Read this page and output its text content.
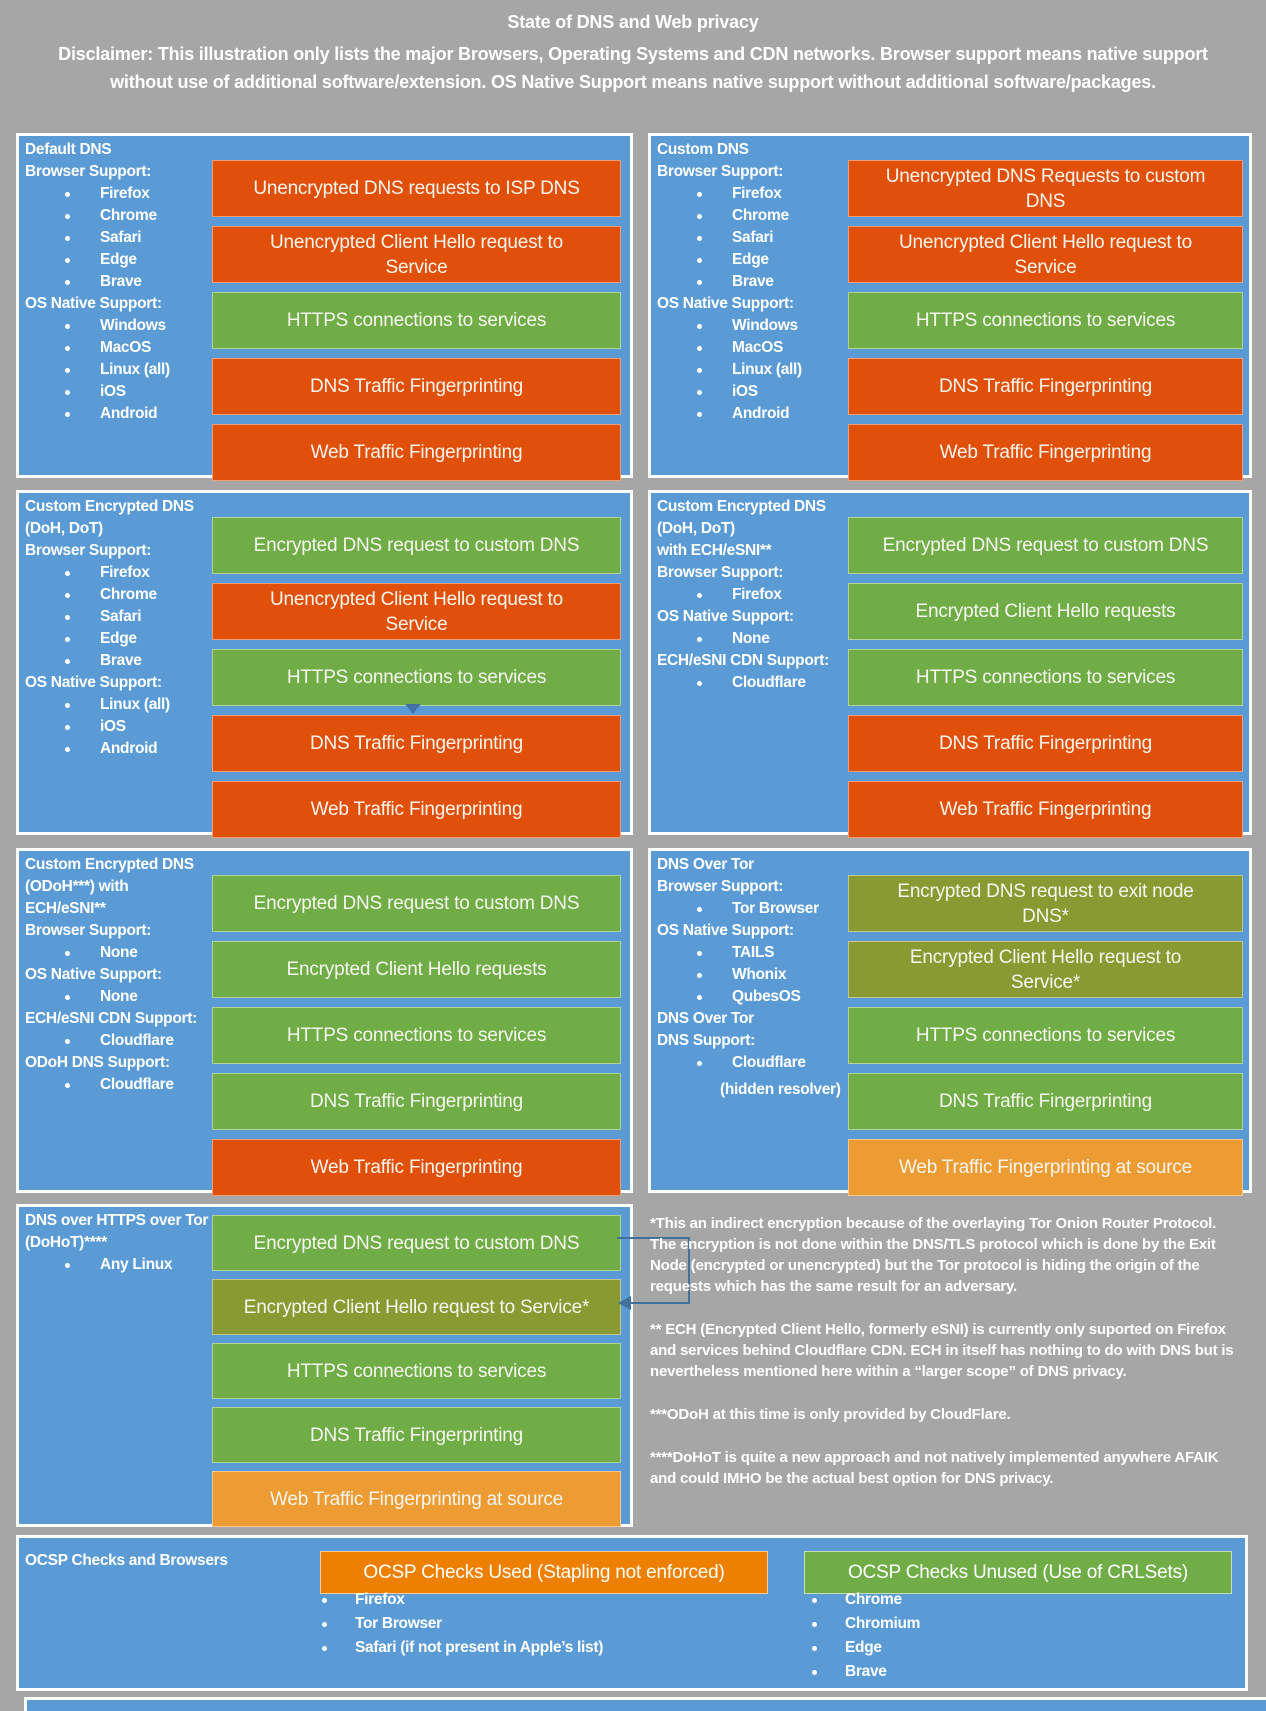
State of DNS and Web privacy
Disclaimer: This illustration only lists the major Browsers, Operating Systems and CDN networks. Browser support means native support without use of additional software/extension. OS Native Support means native support without additional software/packages.
Default DNS
Browser Support:
Firefox
Chrome
Safari
Edge
Brave
OS Native Support:
Windows
MacOS
Linux (all)
iOS
Android
Unencrypted DNS requests to ISP DNS
Unencrypted Client Hello request to Service
HTTPS connections to services
DNS Traffic Fingerprinting
Web Traffic Fingerprinting
Custom DNS
Browser Support:
Firefox
Chrome
Safari
Edge
Brave
OS Native Support:
Windows
MacOS
Linux (all)
iOS
Android
Unencrypted DNS Requests to custom DNS
Unencrypted Client Hello request to Service
HTTPS connections to services
DNS Traffic Fingerprinting
Web Traffic Fingerprinting
Custom Encrypted DNS
(DoH, DoT)
Browser Support:
Firefox
Chrome
Safari
Edge
Brave
OS Native Support:
Linux (all)
iOS
Android
Encrypted DNS request to custom DNS
Unencrypted Client Hello request to Service
HTTPS connections to services
DNS Traffic Fingerprinting
Web Traffic Fingerprinting
Custom Encrypted DNS
(DoH, DoT)
with ECH/eSNI**
Browser Support:
Firefox
OS Native Support:
None
ECH/eSNI CDN Support:
Cloudflare
Encrypted DNS request to custom DNS
Encrypted Client Hello requests
HTTPS connections to services
DNS Traffic Fingerprinting
Web Traffic Fingerprinting
Custom Encrypted DNS
(ODoH***) with
ECH/eSNI**
Browser Support:
None
OS Native Support:
None
ECH/eSNI CDN Support:
Cloudflare
ODoH DNS Support:
Cloudflare
Encrypted DNS request to custom DNS
Encrypted Client Hello requests
HTTPS connections to services
DNS Traffic Fingerprinting
Web Traffic Fingerprinting
DNS Over Tor
Browser Support:
Tor Browser
OS Native Support:
TAILS
Whonix
QubesOS
DNS Over Tor
DNS Support:
Cloudflare
(hidden resolver)
Encrypted DNS request to exit node DNS*
Encrypted Client Hello request to Service*
HTTPS connections to services
DNS Traffic Fingerprinting
Web Traffic Fingerprinting at source
DNS over HTTPS over Tor
(DoHoT)****
Any Linux
Encrypted DNS request to custom DNS
Encrypted Client Hello request to Service*
HTTPS connections to services
DNS Traffic Fingerprinting
Web Traffic Fingerprinting at source

*This an indirect encryption because of the overlaying Tor Onion Router Protocol. The encryption is not done within the DNS/TLS protocol which is done by the Exit Node (encrypted or unencrypted) but the Tor protocol is hiding the origin of the requests which has the same result for an adversary.

** ECH (Encrypted Client Hello, formerly eSNI) is currently only suported on Firefox and services behind Cloudflare CDN. ECH in itself has nothing to do with DNS but is nevertheless mentioned here within a “larger scope” of DNS privacy.

***ODoH at this time is only provided by CloudFlare.

****DoHoT is quite a new approach and not natively implemented anywhere AFAIK and could IMHO be the actual best option for DNS privacy.

OCSP Checks and Browsers
OCSP Checks Used (Stapling not enforced)	OCSP Checks Unused (Use of CRLSets)
Firefox
Tor Browser
Safari (if not present in Apple’s list)
Chrome
Chromium
Edge
Brave
